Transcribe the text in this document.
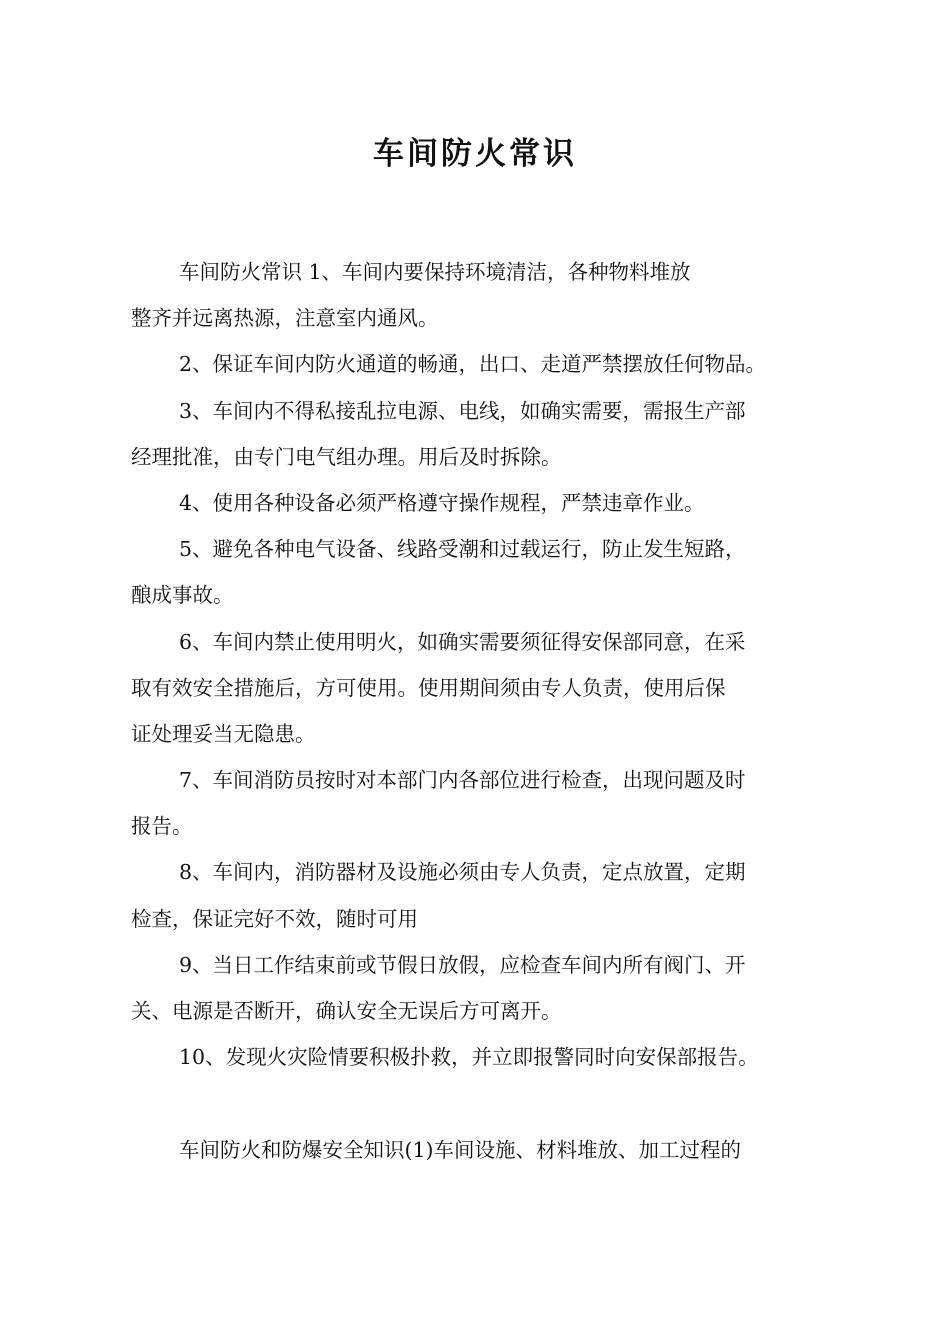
车间防火常识
车间防火常识 1、车间内要保持环境清洁，各种物料堆放
整齐并远离热源，注意室内通风。
2、保证车间内防火通道的畅通，出口、走道严禁摆放任何物品。
3、车间内不得私接乱拉电源、电线，如确实需要，需报生产部
经理批准，由专门电气组办理。用后及时拆除。
4、使用各种设备必须严格遵守操作规程，严禁违章作业。
5、避免各种电气设备、线路受潮和过载运行，防止发生短路，
酿成事故。
6、车间内禁止使用明火，如确实需要须征得安保部同意，在采
取有效安全措施后，方可使用。使用期间须由专人负责，使用后保
证处理妥当无隐患。
7、车间消防员按时对本部门内各部位进行检查，出现问题及时
报告。
8、车间内，消防器材及设施必须由专人负责，定点放置，定期
检查，保证完好不效，随时可用
9、当日工作结束前或节假日放假，应检查车间内所有阀门、开
关、电源是否断开，确认安全无误后方可离开。
10、发现火灾险情要积极扑救，并立即报警同时向安保部报告。
车间防火和防爆安全知识(1)车间设施、材料堆放、加工过程的
